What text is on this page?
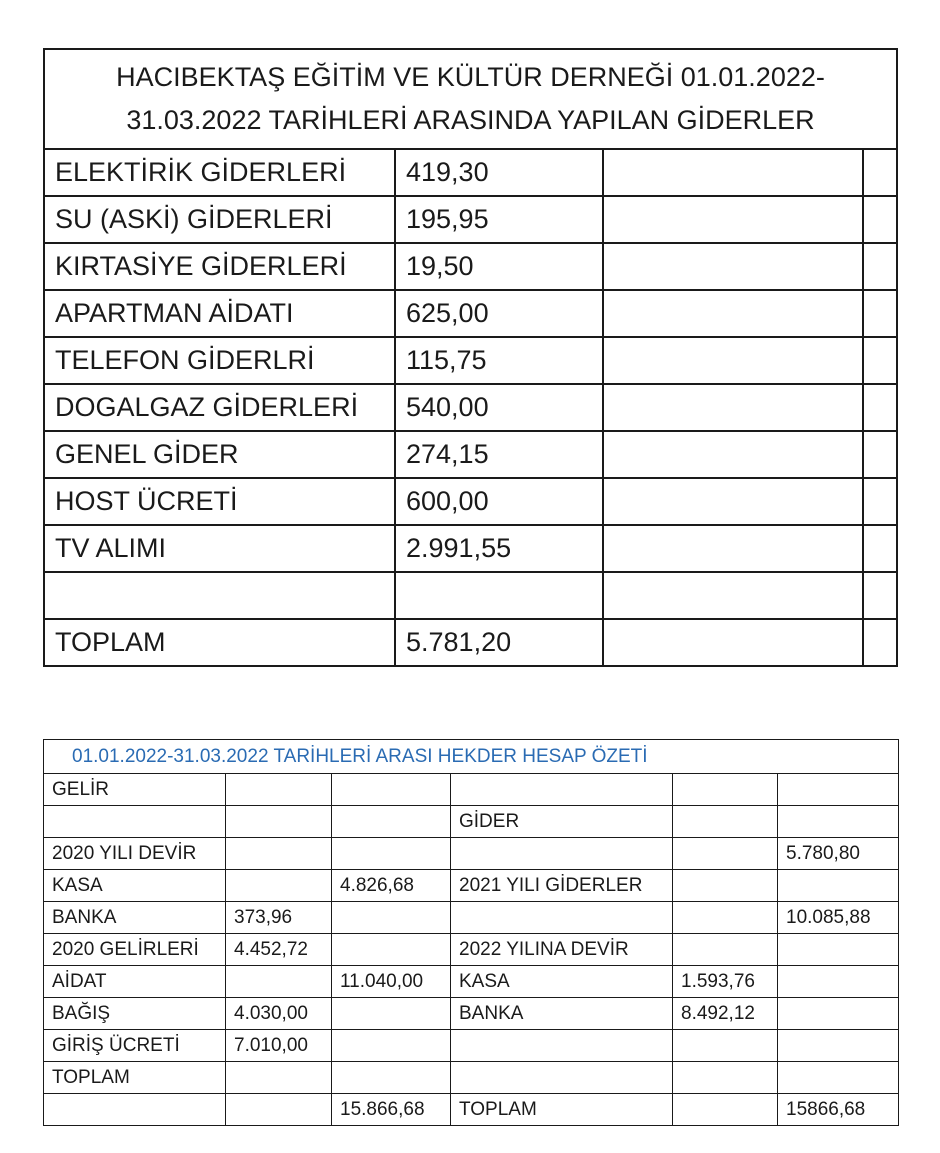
HACIBEKTAŞ EĞİTİM VE KÜLTÜR DERNEĞİ 01.01.2022-31.03.2022 TARİHLERİ ARASINDA YAPILAN GİDERLER			
ELEKTİRİK GİDERLERİ	419,30		
SU (ASKİ) GİDERLERİ	195,95		
KIRTASİYE GİDERLERİ	19,50		
APARTMAN AİDATI	625,00		
TELEFON GİDERLRİ	115,75		
DOGALGAZ GİDERLERİ	540,00		
GENEL GİDER	274,15		
HOST ÜCRETİ	600,00		
TV ALIMI	2.991,55		

TOPLAM	5.781,20		
01.01.2022-31.03.2022 TARİHLERİ ARASI HEKDER HESAP ÖZETİ					
GELİR					
			GİDER		
2020 YILI DEVİR					5.780,80
KASA		4.826,68	2021 YILI GİDERLER		
BANKA	373,96				10.085,88
2020 GELİRLERİ	4.452,72		2022 YILINA DEVİR		
AİDAT		11.040,00	KASA	1.593,76	
BAĞIŞ	4.030,00		BANKA	8.492,12	
GİRİŞ ÜCRETİ	7.010,00				
TOPLAM					
		15.866,68	TOPLAM		15866,68
